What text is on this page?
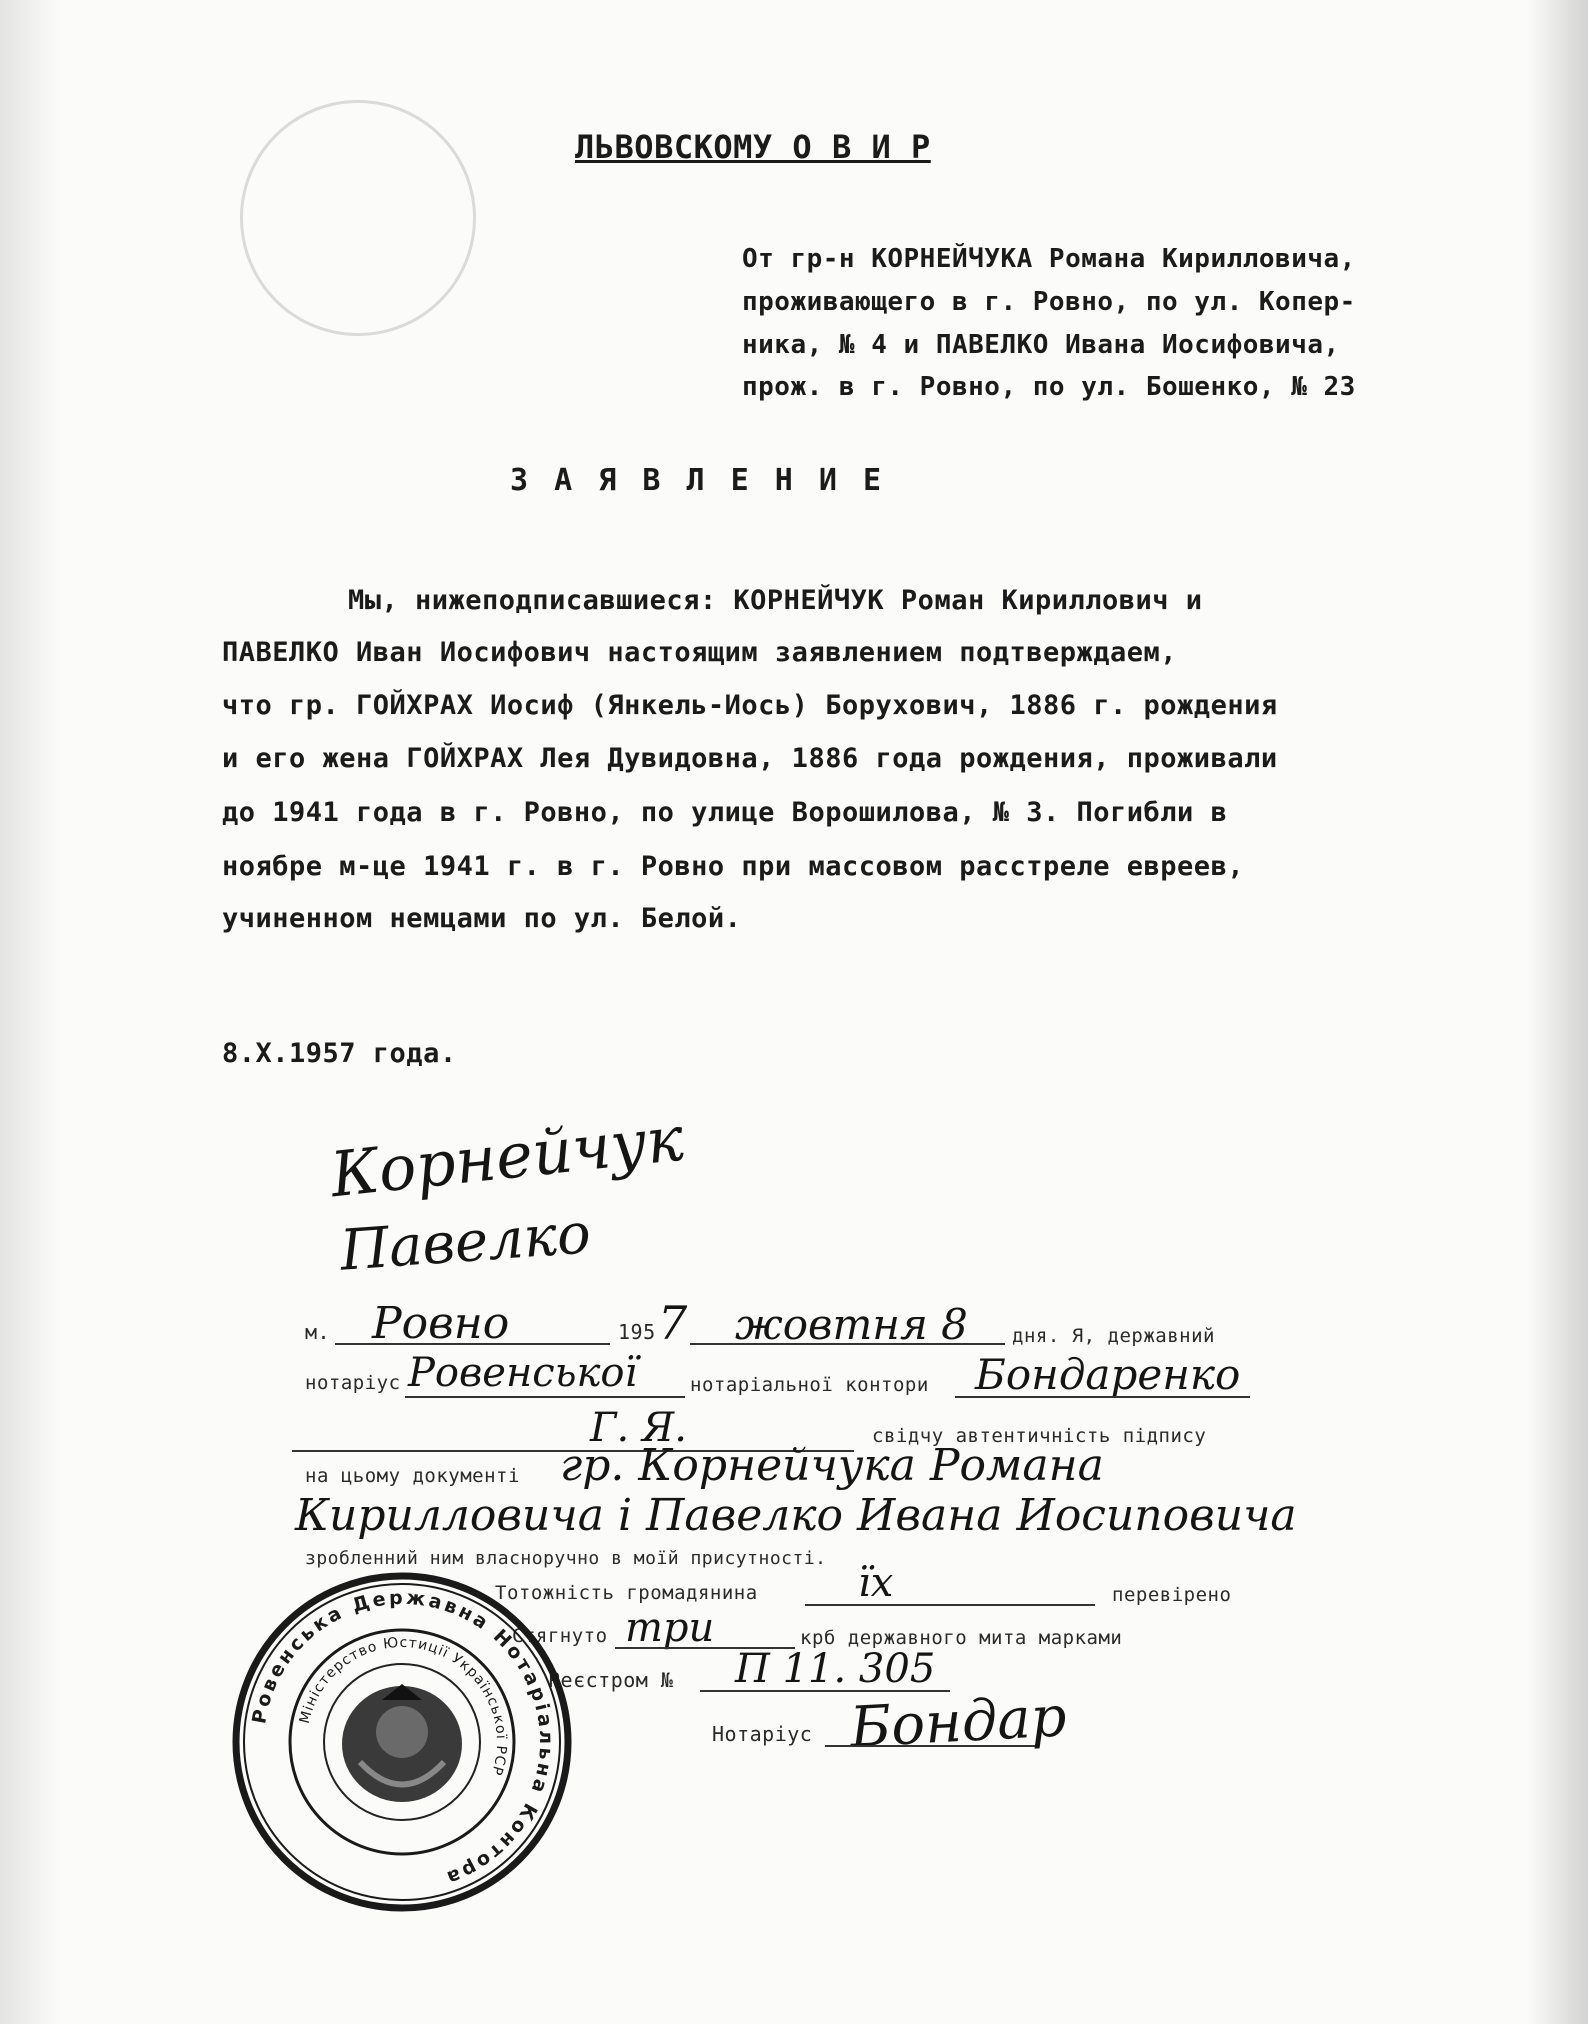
ЛЬВОВСКОМУ О В И Р
От гр-н КОРНЕЙЧУКА Романа Кирилловича,
проживающего в г. Ровно, по ул. Копер-
ника, № 4 и ПАВЕЛКО Ивана Иосифовича,
прож. в г. Ровно, по ул. Бошенко, № 23
З А Я В Л Е Н И Е
Мы, нижеподписавшиеся: КОРНЕЙЧУК Роман Кириллович и
ПАВЕЛКО Иван Иосифович настоящим заявлением подтверждаем,
что гр. ГОЙХРАХ Иосиф (Янкель-Иось) Борухович, 1886 г. рождения
и его жена ГОЙХРАХ Лея Дувидовна, 1886 года рождения, проживали
до 1941 года в г. Ровно, по улице Ворошилова, № 3. Погибли в
ноябре м-це 1941 г. в г. Ровно при массовом расстреле евреев,
учиненном немцами по ул. Белой.
8.X.1957 года.
Корнейчук
Павелко
м. Ровно	195 7 жовтня 8 дня. Я, державний
нотаріус Ровенської	нотаріальної контори Бондаренко
Г. Я.	свідчу автентичність підпису
на цьому документі гр. Корнейчука Романа
Кирилловича і Павелко Ивана Иосиповича
зробленний ним власноручно в моїй присутності.
Тотожність громадянина	їх	перевірено
Стягнуто три	крб державного мита марками
Реєстром № П 11. 305
Нотаріус Бондар
Ровенська Державна Нотаріальна Контора
Міністерство Юстиції Української РСР
